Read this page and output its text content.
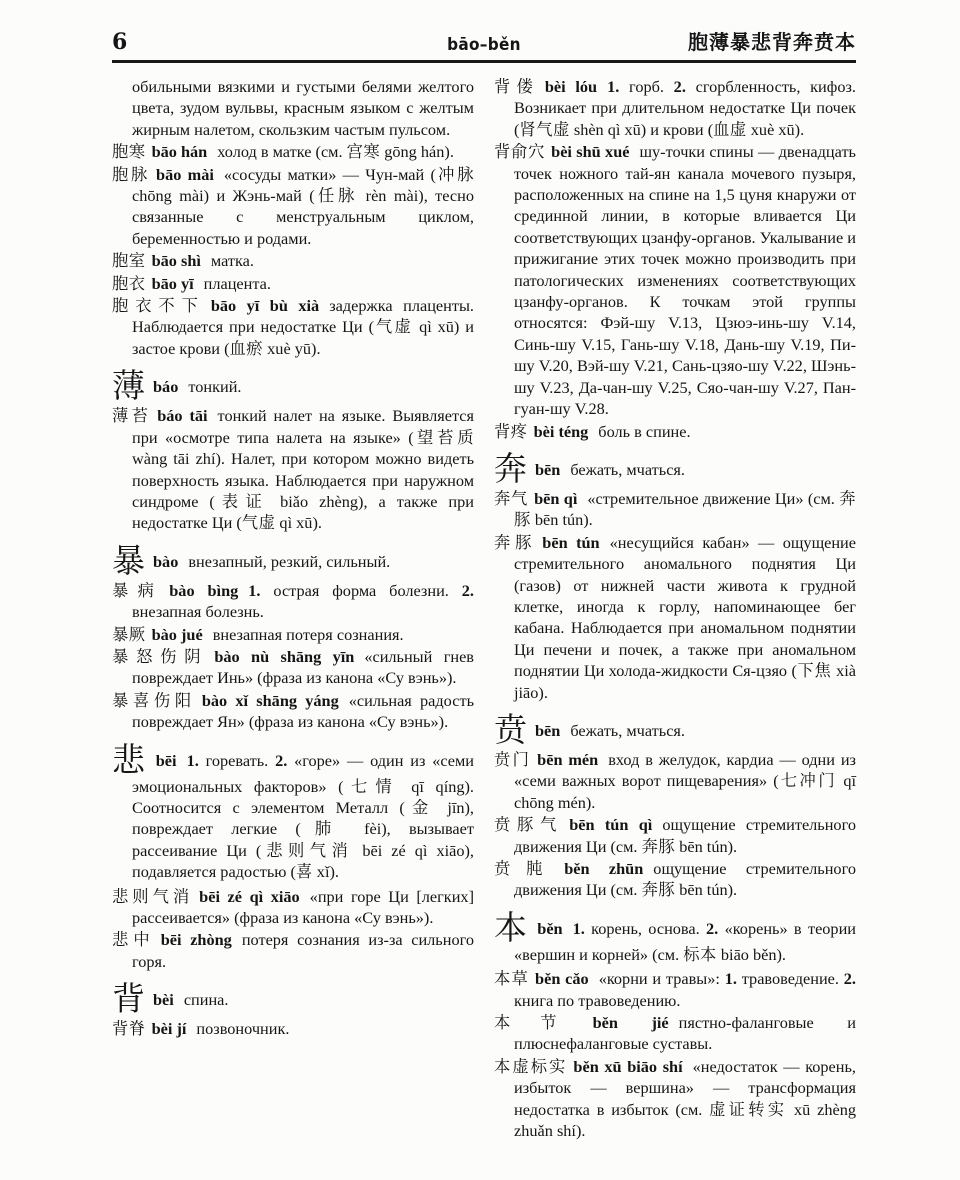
6	bāo–běn	胞薄暴悲背奔贲本
обильными вязкими и густыми белями желтого цвета, зудом вульвы, красным языком с желтым жирным налетом, скользким частым пульсом.
胞寒 bāo hán холод в матке (см. 宫寒 gōng hán).
胞脉 bāo mài «сосуды матки» — Чун-май (冲脉 chōng mài) и Жэнь-май (任脉 rèn mài), тесно связанные с менструальным циклом, беременностью и родами.
胞室 bāo shì матка.
胞衣 bāo yī плацента.
胞衣不下 bāo yī bù xià задержка плаценты. Наблюдается при недостатке Ци (气虚 qì xū) и застое крови (血瘀 xuè yū).
薄báo тонкий.
薄苔 báo tāi тонкий налет на языке. Выявляется при «осмотре типа налета на языке» (望苔质 wàng tāi zhí). Налет, при котором можно видеть поверхность языка. Наблюдается при наружном синдроме (表证 biǎo zhèng), а также при недостатке Ци (气虚 qì xū).
暴bào внезапный, резкий, сильный.
暴病 bào bìng 1. острая форма болезни. 2. внезапная болезнь.
暴厥 bào jué внезапная потеря сознания.
暴怒伤阴 bào nù shāng yīn «сильный гнев повреждает Инь» (фраза из канона «Су вэнь»).
暴喜伤阳 bào xǐ shāng yáng «сильная радость повреждает Ян» (фраза из канона «Су вэнь»).
悲bēi 1. горевать. 2. «горе» — один из «семи эмоциональных факторов» (七情 qī qíng). Соотносится с элементом Металл (金 jīn), повреждает легкие (肺 fèi), вызывает рассеивание Ци (悲则气消 bēi zé qì xiāo), подавляется радостью (喜 xǐ).
悲则气消 bēi zé qì xiāo «при горе Ци [легких] рассеивается» (фраза из канона «Су вэнь»).
悲中 bēi zhòng потеря сознания из-за сильного горя.
背bèi спина.
背脊 bèi jí позвоночник.
背偻 bèi lóu 1. горб. 2. сгорбленность, кифоз. Возникает при длительном недостатке Ци почек (肾气虚 shèn qì xū) и крови (血虚 xuè xū).
背俞穴 bèi shū xué шу-точки спины — двенадцать точек ножного тай-ян канала мочевого пузыря, расположенных на спине на 1,5 цуня кнаружи от срединной линии, в которые вливается Ци соответствующих цзанфу-органов. Укалывание и прижигание этих точек можно производить при патологических изменениях соответствующих цзанфу-органов. К точкам этой группы относятся: Фэй-шу V.13, Цзюэ-инь-шу V.14, Синь-шу V.15, Гань-шу V.18, Дань-шу V.19, Пи-шу V.20, Вэй-шу V.21, Сань-цзяо-шу V.22, Шэнь-шу V.23, Да-чан-шу V.25, Сяо-чан-шу V.27, Пан-гуан-шу V.28.
背疼 bèi téng боль в спине.
奔bēn бежать, мчаться.
奔气 bēn qì «стремительное движение Ци» (см. 奔豚 bēn tún).
奔豚 bēn tún «несущийся кабан» — ощущение стремительного аномального поднятия Ци (газов) от нижней части живота к грудной клетке, иногда к горлу, напоминающее бег кабана. Наблюдается при аномальном поднятии Ци печени и почек, а также при аномальном поднятии Ци холода-жидкости Ся-цзяо (下焦 xià jiāo).
贲bēn бежать, мчаться.
贲门 bēn mén вход в желудок, кардиа — одни из «семи важных ворот пищеварения» (七冲门 qī chōng mén).
贲豚气 bēn tún qì ощущение стремительного движения Ци (см. 奔豚 bēn tún).
贲肫 běn zhūn ощущение стремительного движения Ци (см. 奔豚 bēn tún).
本běn 1. корень, основа. 2. «корень» в теории «вершин и корней» (см. 标本 biāo běn).
本草 běn cǎo «корни и травы»: 1. травоведение. 2. книга по травоведению.
本节 běn jié пястно-фаланговые и плюснефаланговые суставы.
本虚标实 běn xū biāo shí «недостаток — корень, избыток — вершина» — трансформация недостатка в избыток (см. 虚证转实 xū zhèng zhuǎn shí).
